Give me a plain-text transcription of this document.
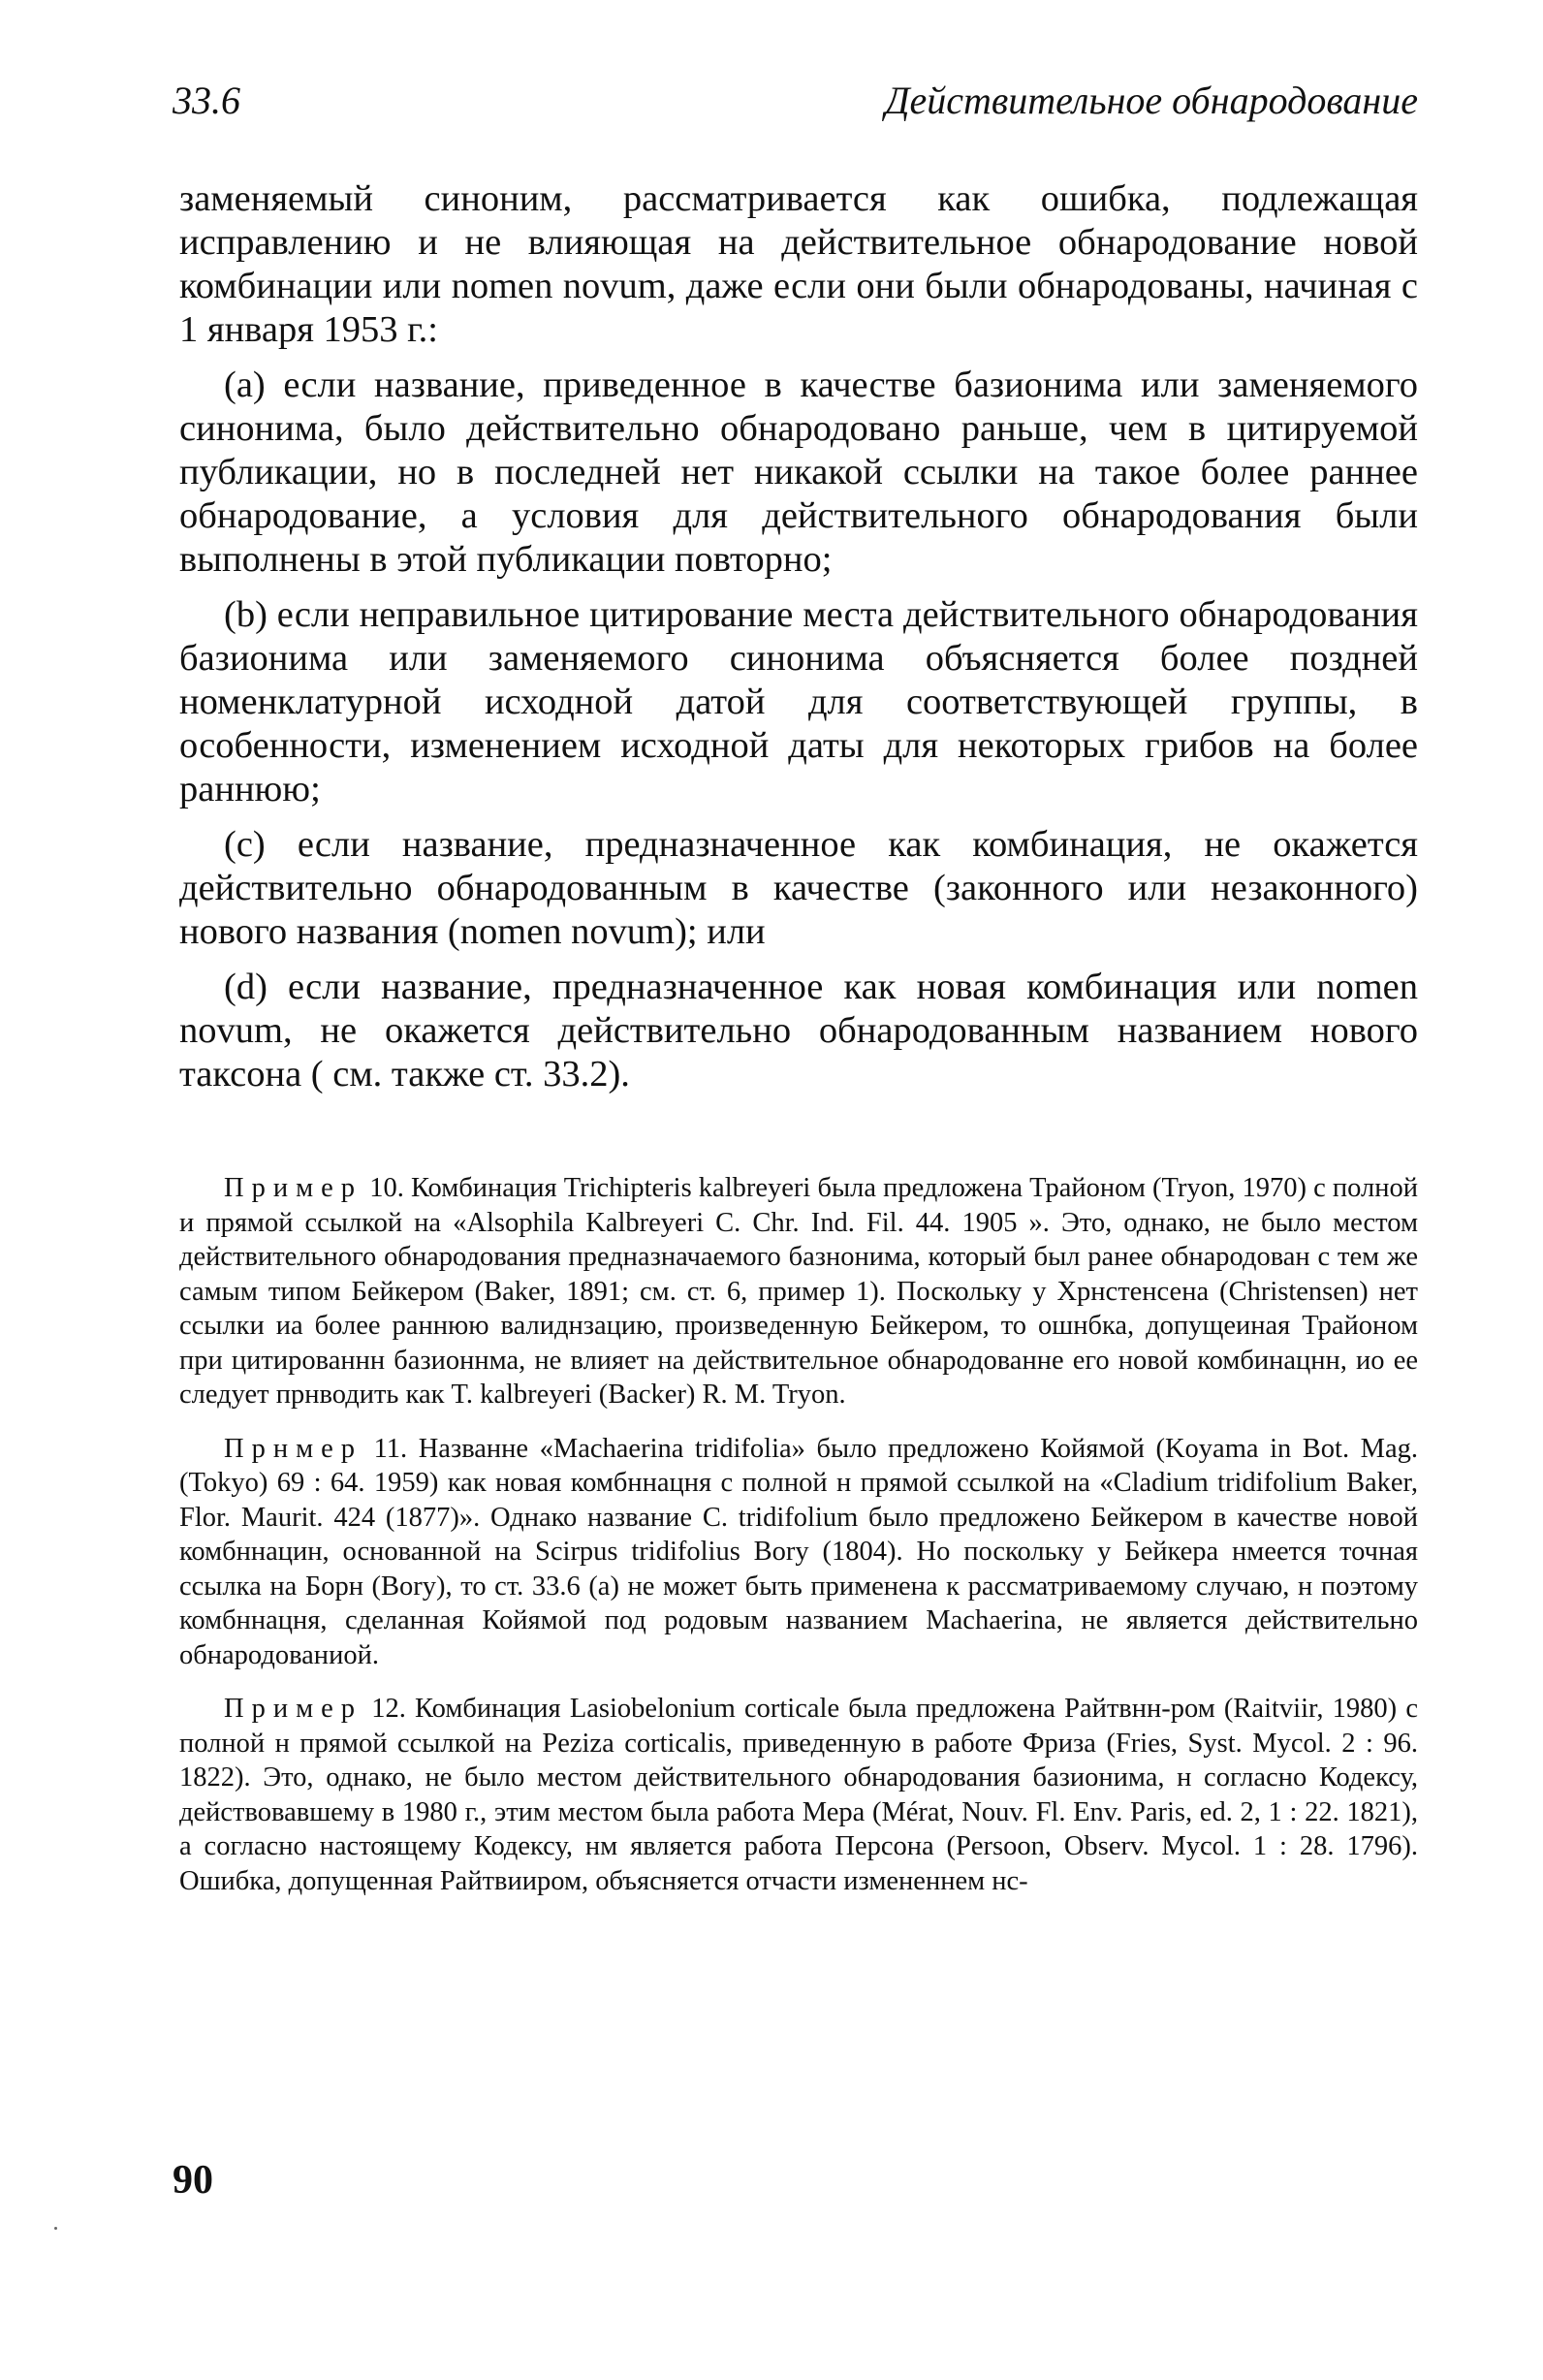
33.6	Действительное обнародование

заменяемый синоним, рассматривается как ошибка, подлежащая исправлению и не влияющая на действительное обнародование новой комбинации или nomen novum, даже если они были обнародованы, начиная с 1 января 1953 г.:

(а) если название, приведенное в качестве базионима или заменяемого синонима, было действительно обнародовано раньше, чем в цитируемой публикации, но в последней нет никакой ссылки на такое более раннее обнародование, а условия для действительного обнародования были выполнены в этой публикации повторно;

(b) если неправильное цитирование места действительного обнародования базионима или заменяемого синонима объясняется более поздней номенклатурной исходной датой для соответствующей группы, в особенности, изменением исходной даты для некоторых грибов на более раннюю;

(с) если название, предназначенное как комбинация, не окажется действительно обнародованным в качестве (законного или незаконного) нового названия (nomen novum); или

(d) если название, предназначенное как новая комбинация или nomen novum, не окажется действительно обнародованным названием нового таксона ( см. также ст. 33.2).

Пример 10. Комбинация Trichipteris kalbreyeri была предложена Трайоном (Tryon, 1970) с полной и прямой ссылкой на «Alsophila Kalbreyeri C. Chr. Ind. Fil. 44. 1905 ». Это, однако, не было местом действительного обнародования предназначаемого базнонима, который был ранее обнародован с тем же самым типом Бейкером (Baker, 1891; см. ст. 6, пример 1). Поскольку у Хрнстенсена (Christensen) нет ссылки иа более раннюю валиднзацию, произведенную Бейкером, то ошнбка, допущеиная Трайоном при цитированнн базионнма, не влияет на действительное обнародованне его новой комбинацнн, ио ее следует прнводить как T. kalbreyeri (Backer) R. M. Tryon.

Прнмер 11. Названне «Machaerina tridifolia» было предложено Койямой (Koyama in Bot. Mag. (Tokyo) 69 : 64. 1959) как новая комбннацня с полной н прямой ссылкой на «Cladium tridifolium Baker, Flor. Maurit. 424 (1877)». Однако название C. tridifolium было предложено Бейкером в качестве новой комбннацин, основанной на Scirpus tridifolius Bory (1804). Но поскольку у Бейкера нмеется точная ссылка на Борн (Bory), то ст. 33.6 (а) не может быть применена к рассматриваемому случаю, н поэтому комбннацня, сделанная Койямой под родовым названием Machaerina, не является действительно обнародованиой.

Пример 12. Комбинация Lasiobelonium corticale была предложена Райтвнн-ром (Raitviir, 1980) с полной н прямой ссылкой на Peziza corticalis, приведенную в работе Фриза (Fries, Syst. Mycol. 2 : 96. 1822). Это, однако, не было местом действительного обнародования базионима, н согласно Кодексу, действовавшему в 1980 г., этим местом была работа Мера (Mérat, Nouv. Fl. Env. Paris, ed. 2, 1 : 22. 1821), а согласно настоящему Кодексу, нм является работа Персона (Persoon, Observ. Mycol. 1 : 28. 1796). Ошибка, допущенная Райтвииром, объясняется отчасти измененнем нс-

90
